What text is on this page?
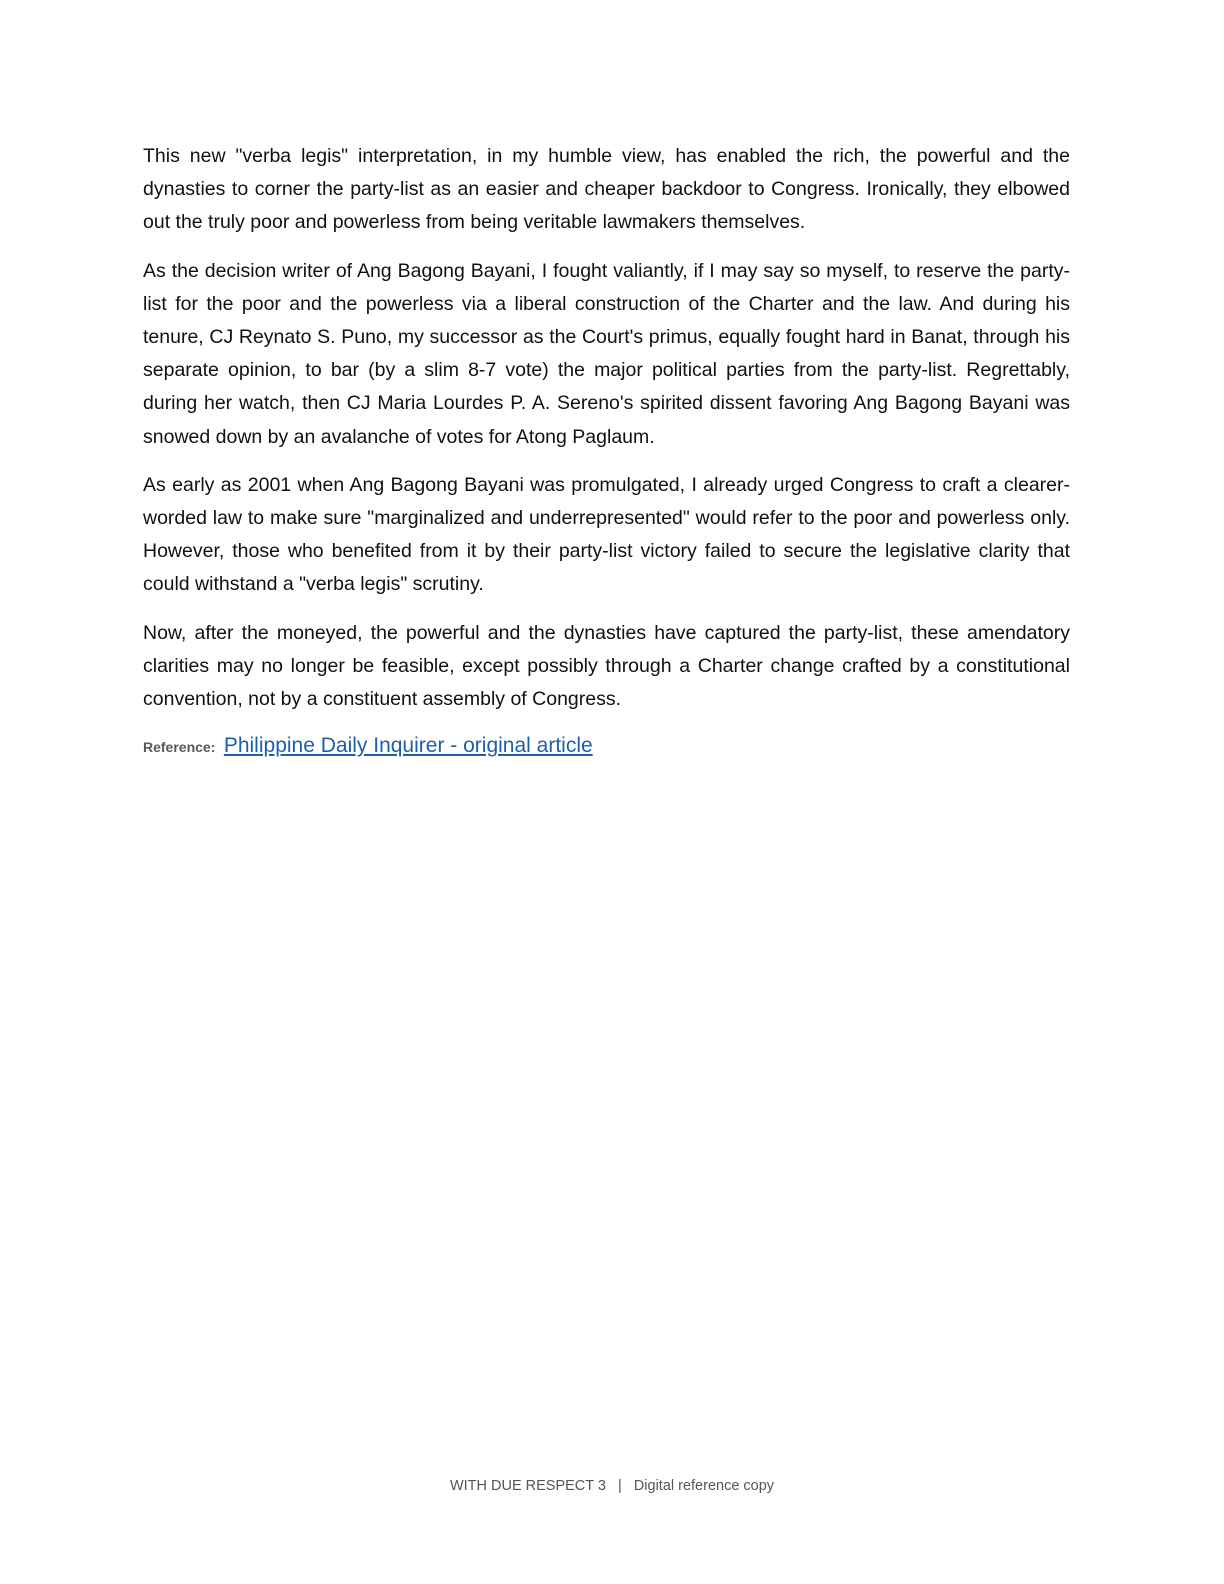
This new "verba legis" interpretation, in my humble view, has enabled the rich, the powerful and the dynasties to corner the party-list as an easier and cheaper backdoor to Congress. Ironically, they elbowed out the truly poor and powerless from being veritable lawmakers themselves.

As the decision writer of Ang Bagong Bayani, I fought valiantly, if I may say so myself, to reserve the party-list for the poor and the powerless via a liberal construction of the Charter and the law. And during his tenure, CJ Reynato S. Puno, my successor as the Court's primus, equally fought hard in Banat, through his separate opinion, to bar (by a slim 8-7 vote) the major political parties from the party-list. Regrettably, during her watch, then CJ Maria Lourdes P. A. Sereno's spirited dissent favoring Ang Bagong Bayani was snowed down by an avalanche of votes for Atong Paglaum.

As early as 2001 when Ang Bagong Bayani was promulgated, I already urged Congress to craft a clearer-worded law to make sure "marginalized and underrepresented" would refer to the poor and powerless only. However, those who benefited from it by their party-list victory failed to secure the legislative clarity that could withstand a "verba legis" scrutiny.

Now, after the moneyed, the powerful and the dynasties have captured the party-list, these amendatory clarities may no longer be feasible, except possibly through a Charter change crafted by a constitutional convention, not by a constituent assembly of Congress.

Reference: Philippine Daily Inquirer - original article
WITH DUE RESPECT 3 | Digital reference copy
